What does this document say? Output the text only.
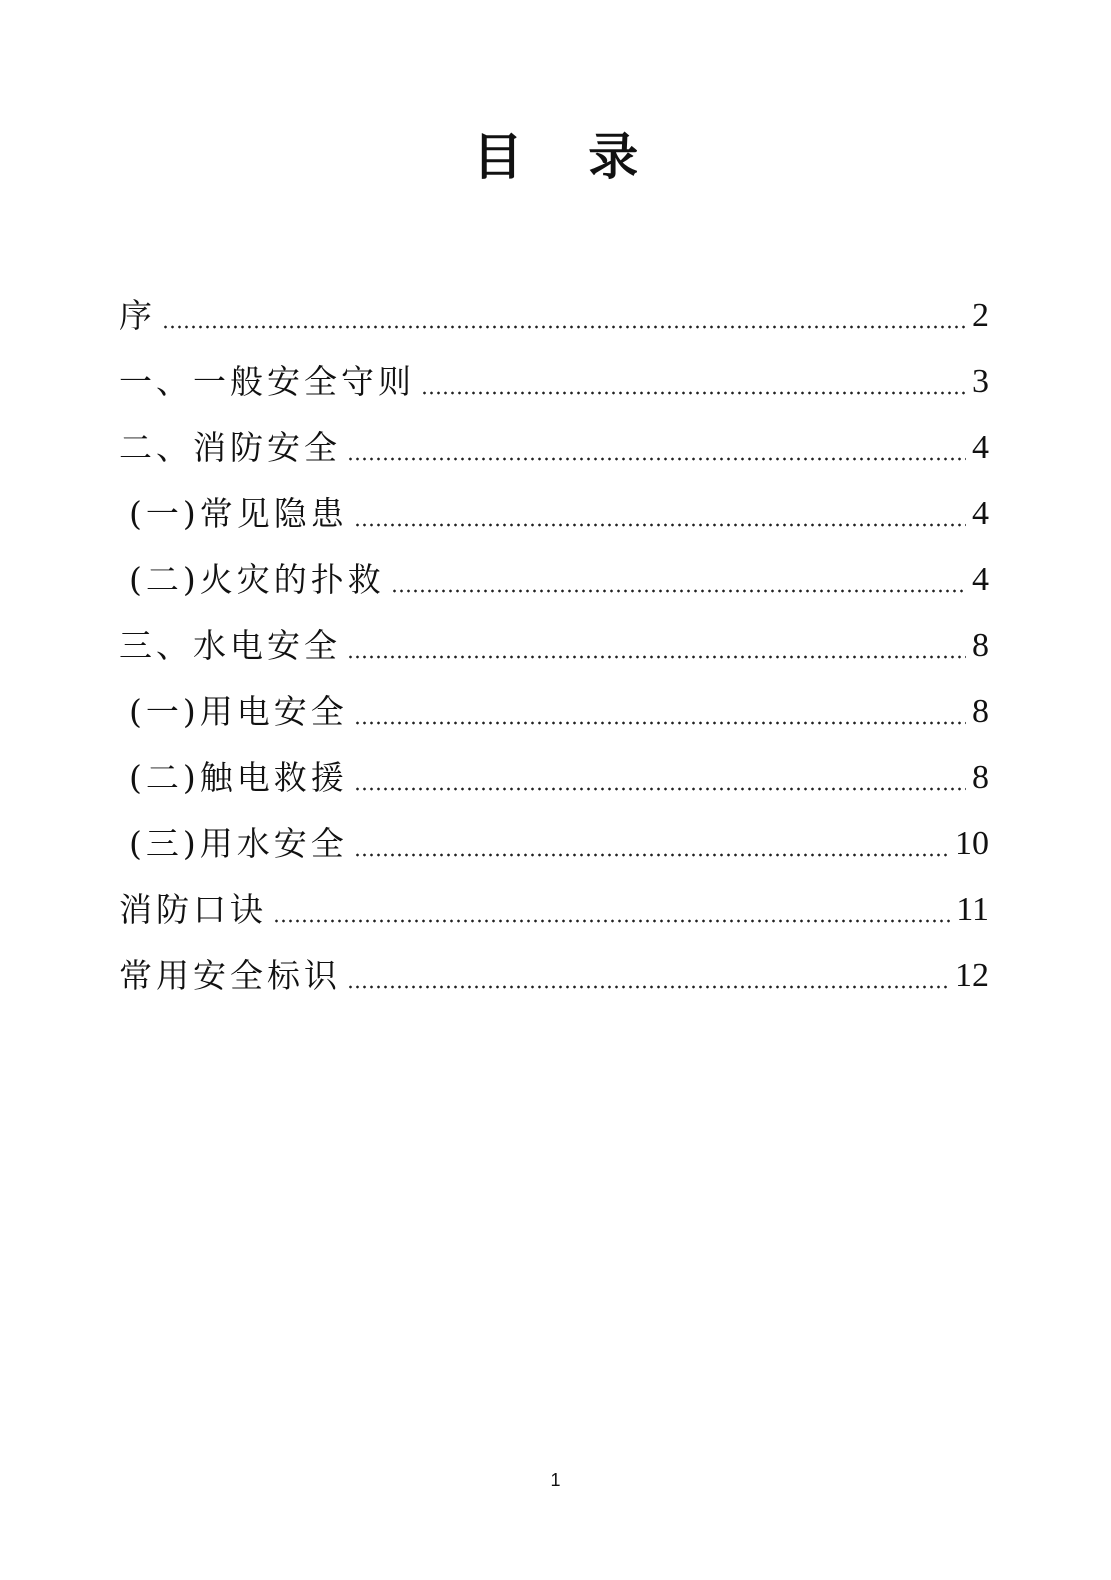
目 录
序	2
一、一般安全守则	3
二、消防安全	4
(一)常见隐患	4
(二)火灾的扑救	4
三、水电安全	8
(一)用电安全	8
(二)触电救援	8
(三)用水安全	10
消防口诀	11
常用安全标识	12
1
